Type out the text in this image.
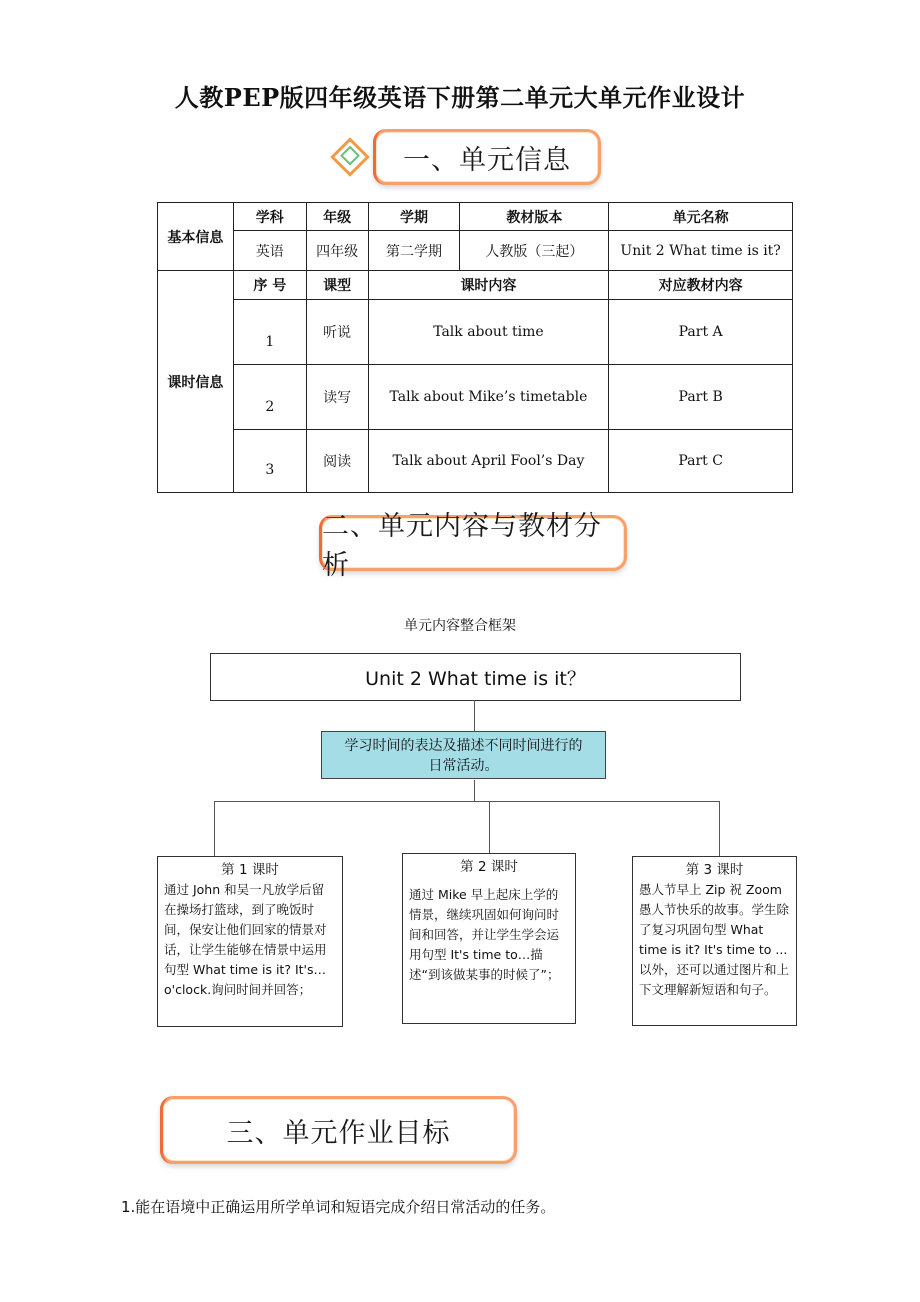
人教PEP版四年级英语下册第二单元大单元作业设计
一、单元信息
基本信息	学科	年级	学期	教材版本	单元名称
	英语	四年级	第二学期	人教版（三起）	Unit 2 What time is it?
课时信息	序 号	课型	课时内容		对应教材内容

	1	听说	Talk about time		Part A

	2	读写	Talk about Mike’s timetable		Part B

	3	阅读	Talk about April Fool’s Day		Part C
二、单元内容与教材分析
单元内容整合框架
Unit 2 What time is it？
学习时间的表达及描述不同时间进行的
日常活动。
第 1 课时
通过 John 和吴一凡放学后留在操场打篮球，到了晚饭时间，保安让他们回家的情景对话，让学生能够在情景中运用句型 What time is it? It's…o'clock.询问时间并回答；
第 2 课时
通过 Mike 早上起床上学的情景，继续巩固如何询问时间和回答，并让学生学会运用句型 It's time to…描述“到该做某事的时候了”；
第 3 课时
愚人节早上 Zip 祝 Zoom 愚人节快乐的故事。学生除了复习巩固句型 What time is it? It's time to ...以外，还可以通过图片和上下文理解新短语和句子。
三、单元作业目标
1.能在语境中正确运用所学单词和短语完成介绍日常活动的任务。
